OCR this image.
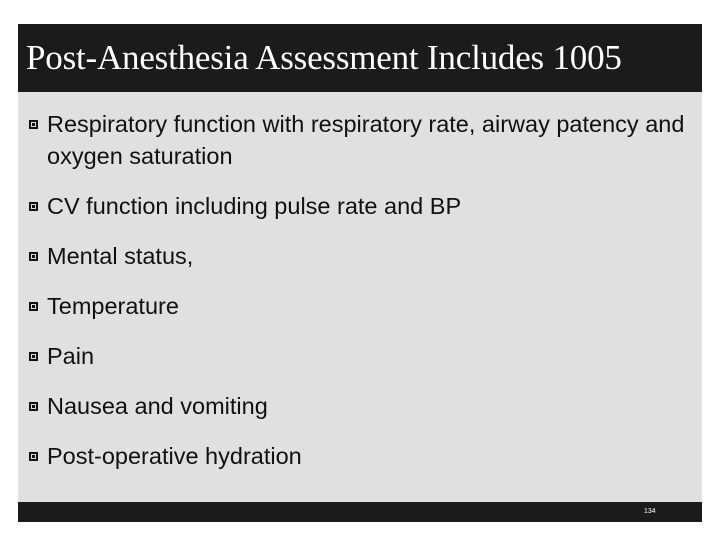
Post-Anesthesia Assessment Includes 1005
Respiratory function with respiratory rate, airway patency and oxygen saturation
CV function including pulse rate and BP
Mental status,
Temperature
Pain
Nausea and vomiting
Post-operative hydration
134
